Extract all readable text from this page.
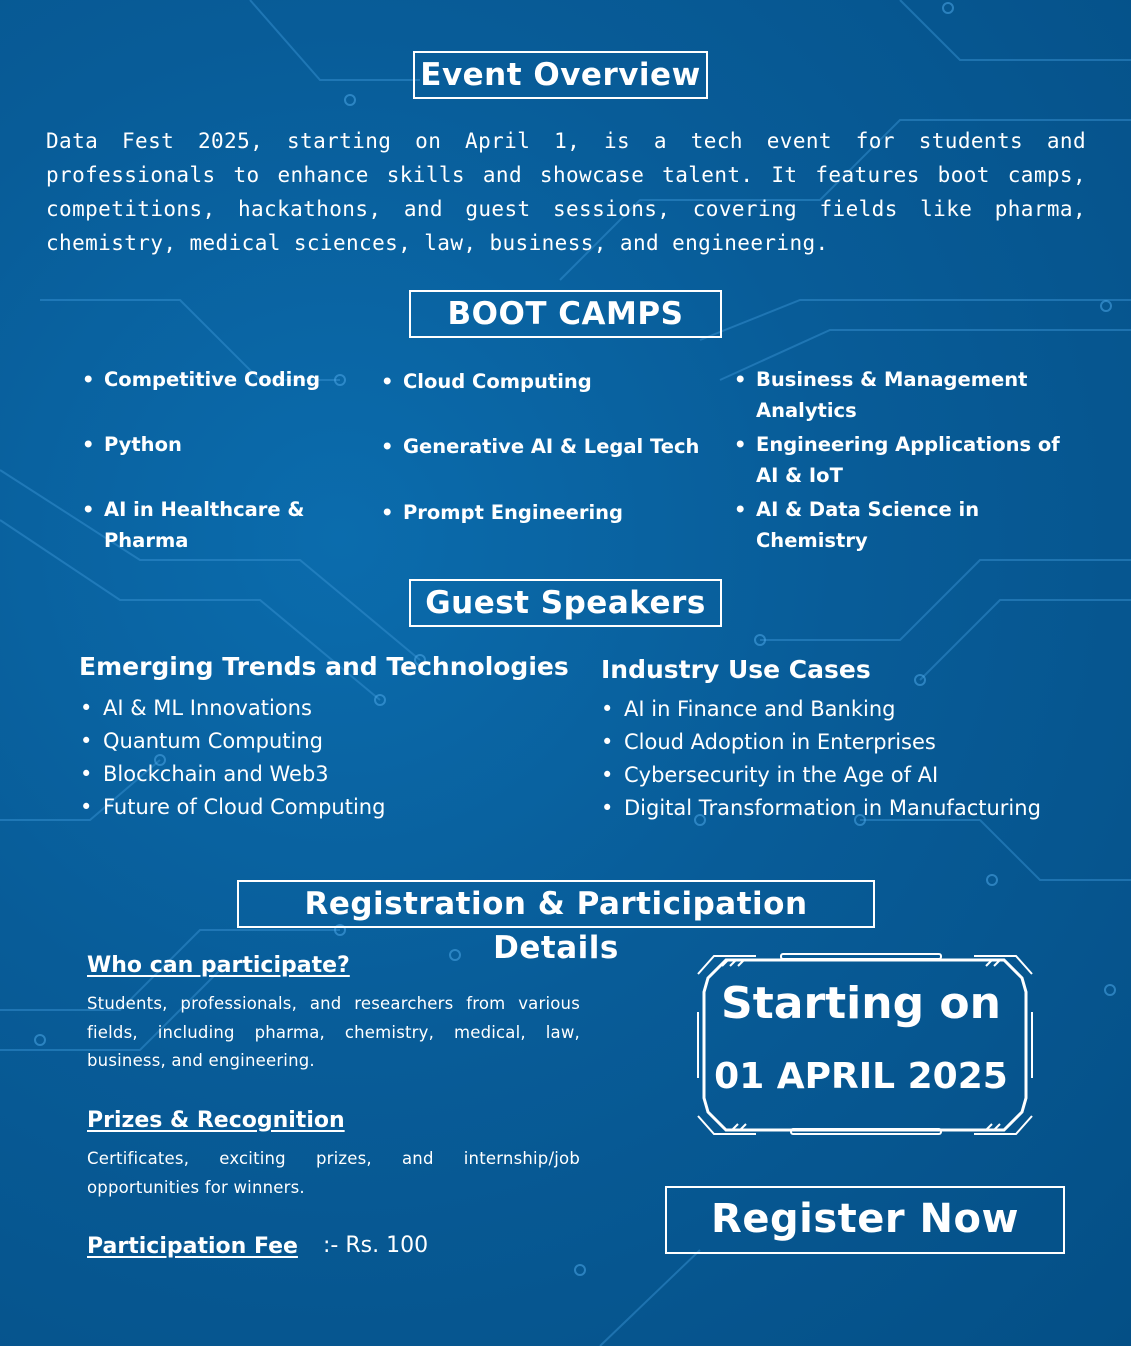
Event Overview
Data Fest 2025, starting on April 1, is a tech event for students and professionals to enhance skills and showcase talent. It features boot camps, competitions, hackathons, and guest sessions, covering fields like pharma, chemistry, medical sciences, law, business, and engineering.
BOOT CAMPS
• Competitive Coding
• Python
• AI in Healthcare & Pharma
• Cloud Computing
• Generative AI & Legal Tech
• Prompt Engineering
• Business & Management Analytics
• Engineering Applications of AI & IoT
• AI & Data Science in Chemistry
Guest Speakers
Emerging Trends and Technologies
• AI & ML Innovations
• Quantum Computing
• Blockchain and Web3
• Future of Cloud Computing
Industry Use Cases
• AI in Finance and Banking
• Cloud Adoption in Enterprises
• Cybersecurity in the Age of AI
• Digital Transformation in Manufacturing
Registration & Participation Details
Who can participate?
Students, professionals, and researchers from various fields, including pharma, chemistry, medical, law, business, and engineering.
Prizes & Recognition
Certificates, exciting prizes, and internship/job opportunities for winners.
Participation Fee :- Rs. 100
Starting on
01 APRIL 2025
Register Now
